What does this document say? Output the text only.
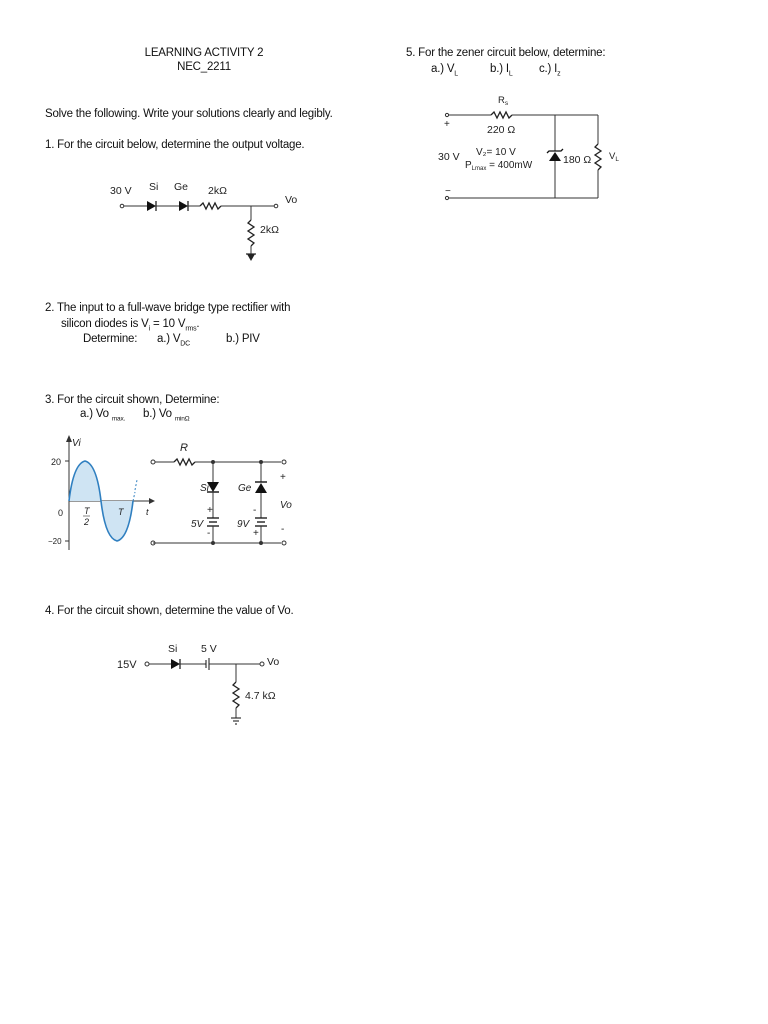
LEARNING ACTIVITY 2
NEC_2211
Solve the following. Write your solutions clearly and legibly.
1. For the circuit below, determine the output voltage.
30 V Si Ge 2kΩ
Vo
2kΩ
2. The input to a full-wave bridge type rectifier with
silicon diodes is $V_i = 10$ $V_{rms}$.
Determine: a.) $V_{DC}$	b.) PIV
3. For the circuit shown, Determine:
a.) Vo $_{max.}$ b.) Vo $_{min\Omega}$
Vi
20
0
−20
T
2
T	t
R
Si	Ge
+
5V
-
-
9V
+
+
Vo
-
4. For the circuit shown, determine the value of Vo.
15V
Si 5 V
Vo
4.7 kΩ
5. For the zener circuit below, determine:
a.) $V_L$	b.) $I_L$ c.) $I_z$
+
−
30 V
$R_s$
220 Ω
V₂= 10 V
$P_{Lmax} = 400mW$	180 Ω $V_L$
